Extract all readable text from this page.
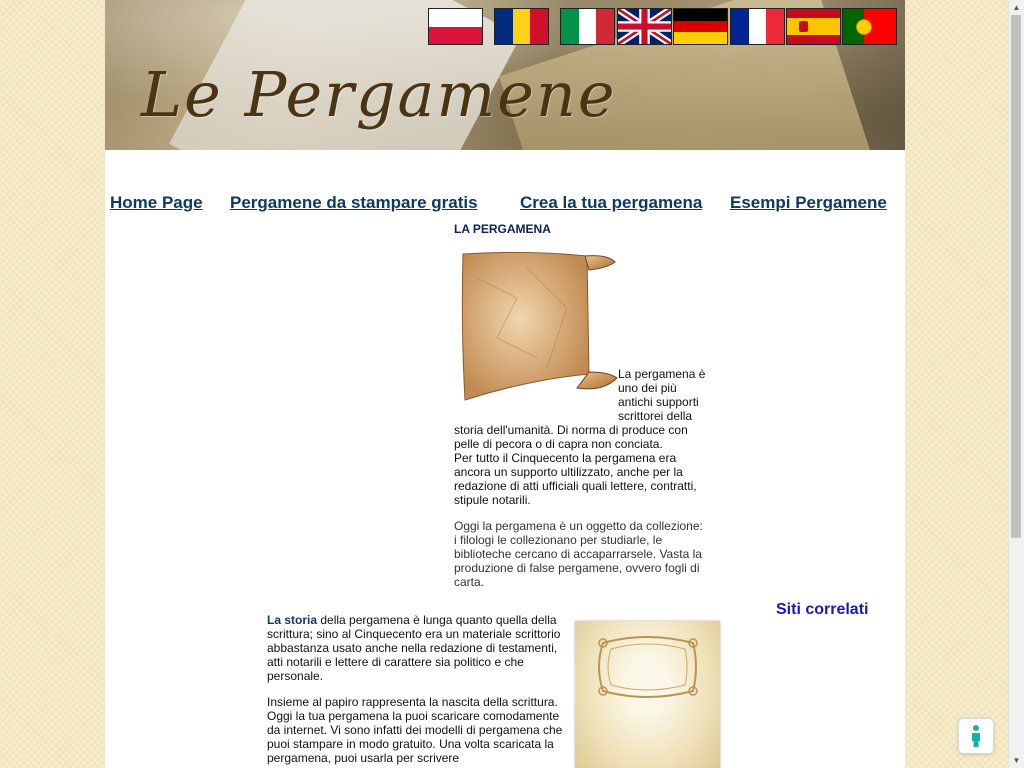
Le Pergamene
Home Page Pergamene da stampare gratis Crea la tua pergamena Esempi Pergamene
LA PERGAMENA

La pergamena è uno dei più antichi supporti scrittorei della storia dell'umanità. Di norma di produce con pelle di pecora o di capra non conciata.

Per tutto il Cinquecento la pergamena era ancora un supporto ultilizzato, anche per la redazione di atti ufficiali quali lettere, contratti, stipule notarili.

Oggi la pergamena è un oggetto da collezione: i filologi le collezionano per studiarle, le biblioteche cercano di accaparrarsele. Vasta la produzione di false pergamene, ovvero fogli di carta.
Siti correlati

La storia della pergamena è lunga quanto quella della scrittura; sino al Cinquecento era un materiale scrittorio abbastanza usato anche nella redazione di testamenti, atti notarili e lettere di carattere sia politico e che personale.

Insieme al papiro rappresenta la nascita della scrittura. Oggi la tua pergamena la puoi scaricare comodamente da internet. Vi sono infatti dei modelli di pergamena che puoi stampare in modo gratuito. Una volta scaricata la pergamena, puoi usarla per scrivere

▲
▼
